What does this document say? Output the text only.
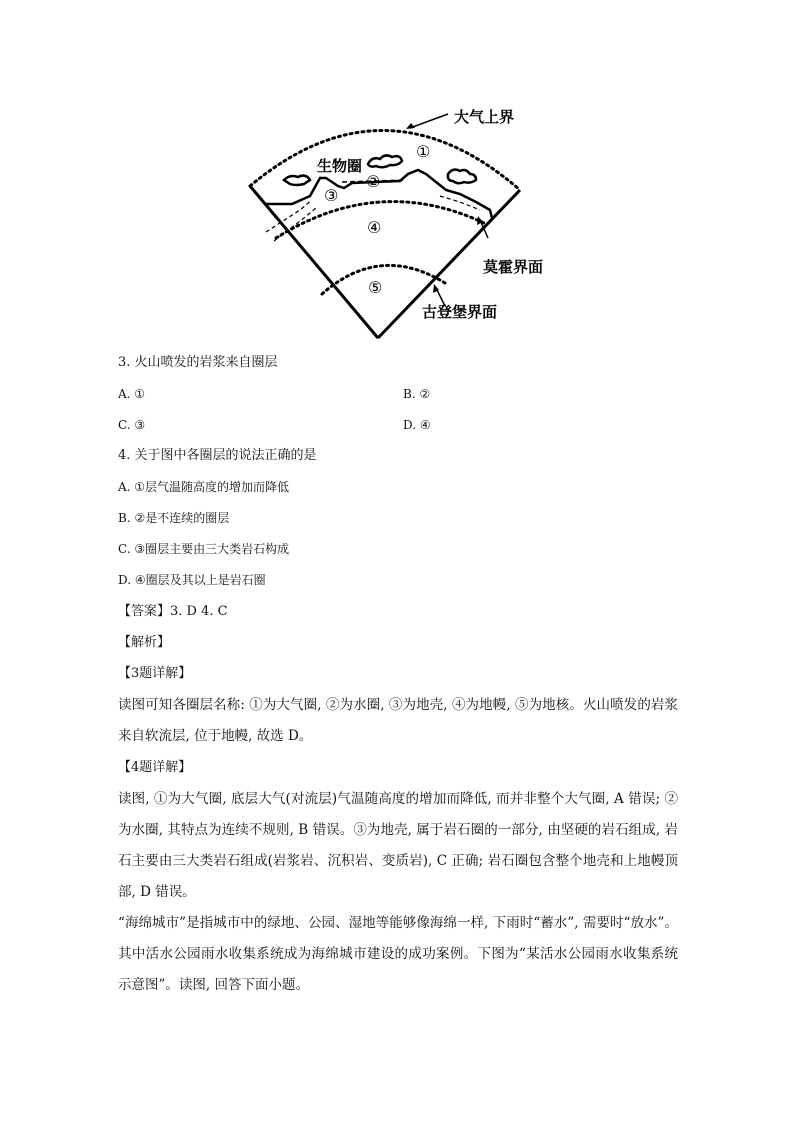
大气上界
生物圈
莫霍界面
古登堡界面
①
②
③
④
⑤
3. 火山喷发的岩浆来自圈层
A. ①	B. ②
C. ③	D. ④
4. 关于图中各圈层的说法正确的是
A. ①层气温随高度的增加而降低
B. ②是不连续的圈层
C. ③圈层主要由三大类岩石构成
D. ④圈层及其以上是岩石圈
【答案】3. D 4. C
【解析】
【3题详解】
读图可知各圈层名称: ①为大气圈, ②为水圈, ③为地壳, ④为地幔, ⑤为地核。火山喷发的岩浆来自软流层, 位于地幔, 故选 D。
【4题详解】
读图, ①为大气圈, 底层大气(对流层)气温随高度的增加而降低, 而并非整个大气圈, A 错误; ②为水圈, 其特点为连续不规则, B 错误。③为地壳, 属于岩石圈的一部分, 由坚硬的岩石组成, 岩石主要由三大类岩石组成(岩浆岩、沉积岩、变质岩), C 正确; 岩石圈包含整个地壳和上地幔顶部, D 错误。
“海绵城市”是指城市中的绿地、公园、湿地等能够像海绵一样, 下雨时“蓄水”, 需要时“放水”。其中活水公园雨水收集系统成为海绵城市建设的成功案例。下图为“某活水公园雨水收集系统示意图”。读图, 回答下面小题。
